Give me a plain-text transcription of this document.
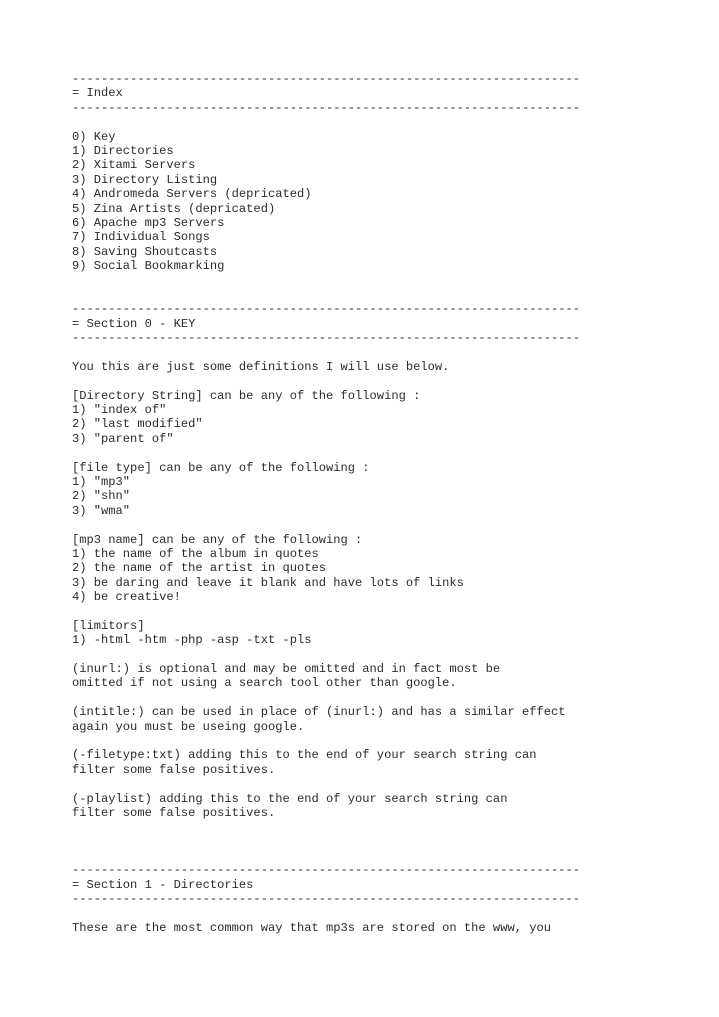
----------------------------------------------------------------------
= Index
----------------------------------------------------------------------
0) Key
1) Directories
2) Xitami Servers
3) Directory Listing
4) Andromeda Servers (depricated)
5) Zina Artists (depricated)
6) Apache mp3 Servers
7) Individual Songs
8) Saving Shoutcasts
9) Social Bookmarking
----------------------------------------------------------------------
= Section 0 - KEY
----------------------------------------------------------------------
You this are just some definitions I will use below.
[Directory String] can be any of the following :
1) "index of"
2) "last modified"
3) "parent of"
[file type] can be any of the following :
1) "mp3"
2) "shn"
3) "wma"
[mp3 name] can be any of the following :
1) the name of the album in quotes
2) the name of the artist in quotes
3) be daring and leave it blank and have lots of links
4) be creative!
[limitors]
1) -html -htm -php -asp -txt -pls
(inurl:) is optional and may be omitted and in fact most be
omitted if not using a search tool other than google.
(intitle:) can be used in place of (inurl:) and has a similar effect
again you must be useing google.
(-filetype:txt) adding this to the end of your search string can
filter some false positives.
(-playlist) adding this to the end of your search string can
filter some false positives.
----------------------------------------------------------------------
= Section 1 - Directories
----------------------------------------------------------------------
These are the most common way that mp3s are stored on the www, you
